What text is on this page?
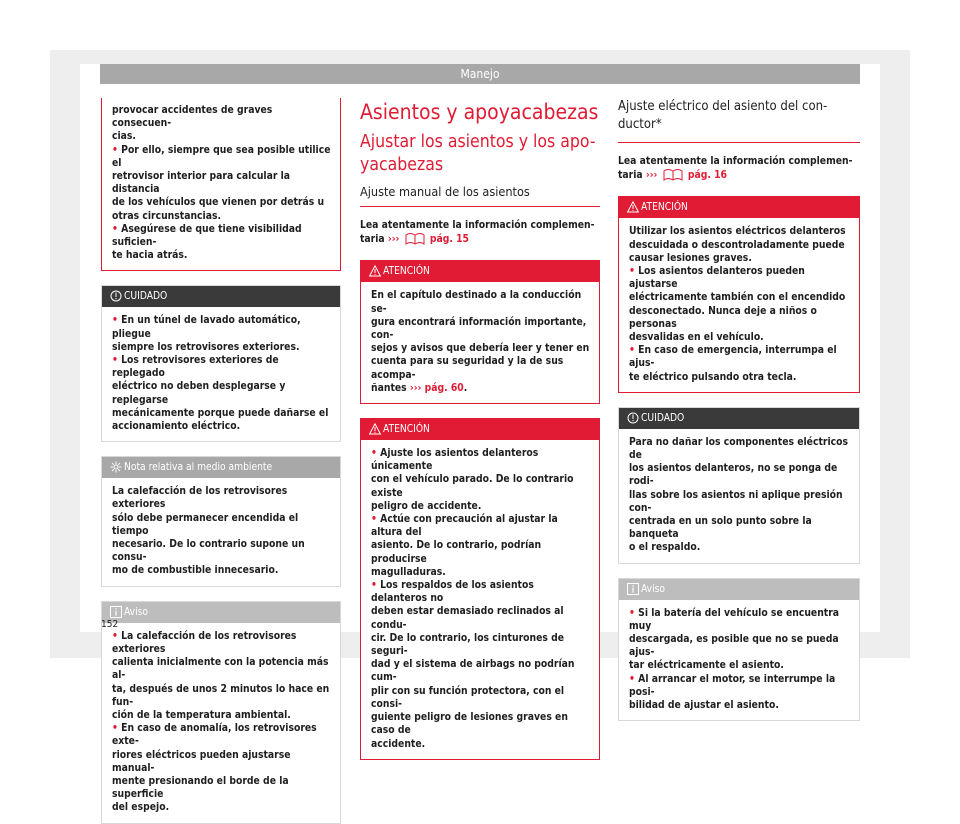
Manejo

provocar accidentes de graves consecuen-

cias.

• Por ello, siempre que sea posible utilice el

retrovisor interior para calcular la distancia

de los vehículos que vienen por detrás u

otras circunstancias.

• Asegúrese de que tiene visibilidad suficien-

te hacia atrás.

CUIDADO

• En un túnel de lavado automático, pliegue

siempre los retrovisores exteriores.

• Los retrovisores exteriores de replegado

eléctrico no deben desplegarse y replegarse

mecánicamente porque puede dañarse el

accionamiento eléctrico.

Nota relativa al medio ambiente

La calefacción de los retrovisores exteriores

sólo debe permanecer encendida el tiempo

necesario. De lo contrario supone un consu-

mo de combustible innecesario.

Aviso

• La calefacción de los retrovisores exteriores

calienta inicialmente con la potencia más al-

ta, después de unos 2 minutos lo hace en fun-

ción de la temperatura ambiental.

• En caso de anomalía, los retrovisores exte-

riores eléctricos pueden ajustarse manual-

mente presionando el borde de la superficie

del espejo.

Asientos y apoyacabezas
Ajustar los asientos y los apo-
yacabezas
Ajuste manual de los asientos

Lea atentamente la información complemen-

taria ›››	pág. 15

ATENCIÓN

En el capítulo destinado a la conducción se-

gura encontrará información importante, con-

sejos y avisos que debería leer y tener en

cuenta para su seguridad y la de sus acompa-

ñantes ››› pág. 60.

ATENCIÓN

• Ajuste los asientos delanteros únicamente

con el vehículo parado. De lo contrario existe

peligro de accidente.

• Actúe con precaución al ajustar la altura del

asiento. De lo contrario, podrían producirse

magulladuras.

• Los respaldos de los asientos delanteros no

deben estar demasiado reclinados al condu-

cir. De lo contrario, los cinturones de seguri-

dad y el sistema de airbags no podrían cum-

plir con su función protectora, con el consi-

guiente peligro de lesiones graves en caso de

accidente.

Ajuste eléctrico del asiento del con-

ductor*

Lea atentamente la información complemen-

taria ›››	pág. 16

ATENCIÓN

Utilizar los asientos eléctricos delanteros

descuidada o descontroladamente puede

causar lesiones graves.

• Los asientos delanteros pueden ajustarse

eléctricamente también con el encendido

desconectado. Nunca deje a niños o personas

desvalidas en el vehículo.

• En caso de emergencia, interrumpa el ajus-

te eléctrico pulsando otra tecla.

CUIDADO

Para no dañar los componentes eléctricos de

los asientos delanteros, no se ponga de rodi-

llas sobre los asientos ni aplique presión con-

centrada en un solo punto sobre la banqueta

o el respaldo.

Aviso

• Si la batería del vehículo se encuentra muy

descargada, es posible que no se pueda ajus-

tar eléctricamente el asiento.

• Al arrancar el motor, se interrumpe la posi-

bilidad de ajustar el asiento.

152
